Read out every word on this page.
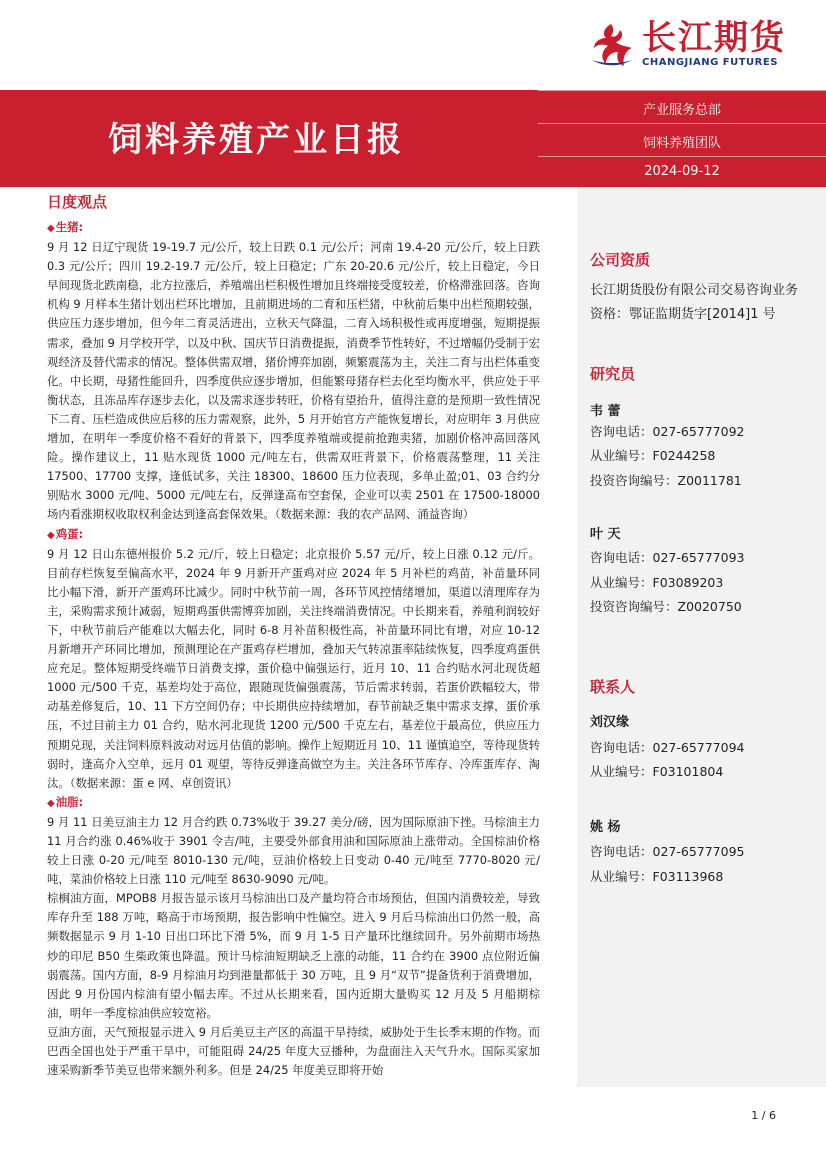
长江期货
CHANGJIANG FUTURES
饲料养殖产业日报
产业服务总部
饲料养殖团队
2024-09-12
公司资质
长江期货股份有限公司交易咨询业务资格：鄂证监期货字[2014]1 号
研究员
韦 蕾
咨询电话：027-65777092
从业编号：F0244258
投资咨询编号：Z0011781
叶 天
咨询电话：027-65777093
从业编号：F03089203
投资咨询编号：Z0020750
联系人
刘汉缘
咨询电话：027-65777094
从业编号：F03101804
姚 杨
咨询电话：027-65777095
从业编号：F03113968
日度观点
◆生猪:
9 月 12 日辽宁现货 19-19.7 元/公斤，较上日跌 0.1 元/公斤；河南 19.4-20 元/公斤，较上日跌 0.3 元/公斤；四川 19.2-19.7 元/公斤，较上日稳定；广东 20-20.6 元/公斤，较上日稳定，今日早间现货北跌南稳，北方拉涨后，养殖端出栏积极性增加且终端接受度较差，价格滞涨回落。咨询机构 9 月样本生猪计划出栏环比增加，且前期进场的二育和压栏猪，中秋前后集中出栏预期较强，供应压力逐步增加，但今年二育灵活进出，立秋天气降温，二育入场积极性或再度增强，短期提振需求，叠加 9 月学校开学，以及中秋、国庆节日消费提振，消费季节性转好，不过增幅仍受制于宏观经济及替代需求的情况。整体供需双增，猪价博弈加剧，频繁震荡为主，关注二育与出栏体重变化。中长期，母猪性能回升，四季度供应逐步增加，但能繁母猪存栏去化至均衡水平，供应处于平衡状态，且冻品库存逐步去化，以及需求逐步转旺，价格有望抬升，值得注意的是预期一致性情况下二育、压栏造成供应后移的压力需观察，此外，5 月开始官方产能恢复增长，对应明年 3 月供应增加，在明年一季度价格不看好的背景下，四季度养殖端或提前抢跑卖猪，加剧价格冲高回落风险。操作建议上，11 贴水现货 1000 元/吨左右，供需双旺背景下，价格震荡整理，11 关注 17500、17700 支撑，逢低试多，关注 18300、18600 压力位表现，多单止盈;01、03 合约分别贴水 3000 元/吨、5000 元/吨左右，反弹逢高布空套保，企业可以卖 2501 在 17500-18000 场内看涨期权收取权利金达到逢高套保效果。（数据来源：我的农产品网、涌益咨询）
◆鸡蛋:
9 月 12 日山东德州报价 5.2 元/斤，较上日稳定；北京报价 5.57 元/斤，较上日涨 0.12 元/斤。目前存栏恢复至偏高水平，2024 年 9 月新开产蛋鸡对应 2024 年 5 月补栏的鸡苗，补苗量环同比小幅下滑，新开产蛋鸡环比减少。同时中秋节前一周，各环节风控情绪增加，渠道以清理库存为主，采购需求预计减弱，短期鸡蛋供需博弈加剧，关注终端消费情况。中长期来看，养殖利润较好下，中秋节前后产能难以大幅去化，同时 6-8 月补苗积极性高，补苗量环同比有增，对应 10-12 月新增开产环同比增加，预测理论在产蛋鸡存栏增加，叠加天气转凉蛋率陆续恢复，四季度鸡蛋供应充足。整体短期受终端节日消费支撑，蛋价稳中偏强运行，近月 10、11 合约贴水河北现货超 1000 元/500 千克，基差均处于高位，跟随现货偏强震荡，节后需求转弱，若蛋价跌幅较大，带动基差修复后，10、11 下方空间仍存；中长期供应持续增加，春节前缺乏集中需求支撑，蛋价承压，不过目前主力 01 合约，贴水河北现货 1200 元/500 千克左右，基差位于最高位，供应压力预期兑现，关注饲料原料波动对远月估值的影响。操作上短期近月 10、11 谨慎追空，等待现货转弱时，逢高介入空单，远月 01 观望，等待反弹逢高做空为主。关注各环节库存、冷库蛋库存、淘汰。（数据来源：蛋 e 网、卓创资讯）
◆油脂:
9 月 11 日美豆油主力 12 月合约跌 0.73%收于 39.27 美分/磅，因为国际原油下挫。马棕油主力 11 月合约涨 0.46%收于 3901 令吉/吨，主要受外部食用油和国际原油上涨带动。全国棕油价格较上日涨 0-20 元/吨至 8010-130 元/吨，豆油价格较上日变动 0-40 元/吨至 7770-8020 元/吨，菜油价格较上日涨 110 元/吨至 8630-9090 元/吨。
棕榈油方面，MPOB8 月报告显示该月马棕油出口及产量均符合市场预估，但国内消费较差，导致库存升至 188 万吨，略高于市场预期，报告影响中性偏空。进入 9 月后马棕油出口仍然一般，高频数据显示 9 月 1-10 日出口环比下滑 5%，而 9 月 1-5 日产量环比继续回升。另外前期市场热炒的印尼 B50 生柴政策也降温。预计马棕油短期缺乏上涨的动能，11 合约在 3900 点位附近偏弱震荡。国内方面，8-9 月棕油月均到港量都低于 30 万吨，且 9 月“双节”提备货利于消费增加，因此 9 月份国内棕油有望小幅去库。不过从长期来看，国内近期大量购买 12 月及 5 月船期棕油，明年一季度棕油供应较宽裕。
豆油方面，天气预报显示进入 9 月后美豆主产区的高温干旱持续，威胁处于生长季末期的作物。而巴西全国也处于严重干旱中，可能阻碍 24/25 年度大豆播种，为盘面注入天气升水。国际买家加速采购新季节美豆也带来额外利多。但是 24/25 年度美豆即将开始
1 / 6
